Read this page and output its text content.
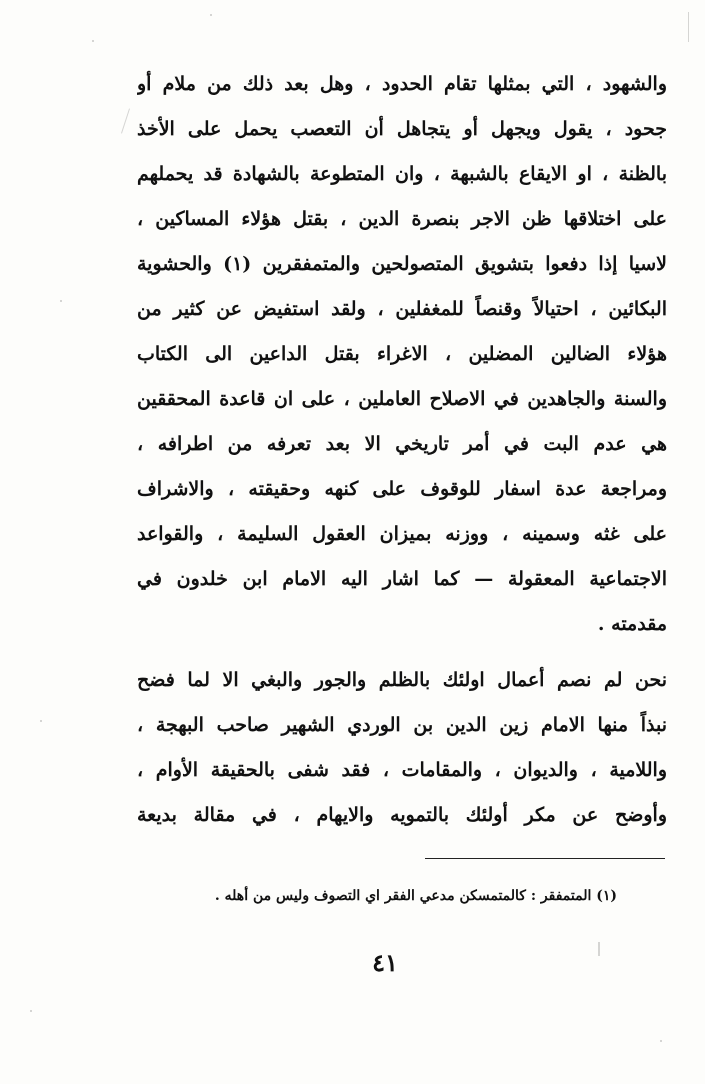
والشهود ، التي بمثلها تقام الحدود ، وهل بعد ذلك من ملام أو
جحود ، يقول ويجهل أو يتجاهل أن التعصب يحمل على الأخذ
بالظنة ، او الايقاع بالشبهة ، وان المتطوعة بالشهادة قد يحملهم
على اختلاقها ظن الاجر بنصرة الدين ، بقتل هؤلاء المساكين ،
لاسيا إذا دفعوا بتشويق المتصولحين والمتمفقرين (١) والحشوية
البكائين ، احتيالاً وقنصاً للمغفلين ، ولقد استفيض عن كثير من
هؤلاء الضالين المضلين ، الاغراء بقتل الداعين الى الكتاب
والسنة والجاهدين في الاصلاح العاملين ، على ان قاعدة المحققين
هي عدم البت في أمر تاريخي الا بعد تعرفه من اطرافه ،
ومراجعة عدة اسفار للوقوف على كنهه وحقيقته ، والاشراف
على غثه وسمينه ، ووزنه بميزان العقول السليمة ، والقواعد
الاجتماعية المعقولة — كما اشار اليه الامام ابن خلدون في
مقدمته .
نحن لم نصم أعمال اولئك بالظلم والجور والبغي الا لما فضح
نبذاً منها الامام زين الدين بن الوردي الشهير صاحب البهجة ،
واللامية ، والديوان ، والمقامات ، فقد شفى بالحقيقة الأوام ،
وأوضح عن مكر أولئك بالتمويه والايهام ، في مقالة بديعة
(١) المتمفقر : كالمتمسكن مدعي الفقر اي التصوف وليس من أهله .
٤١
